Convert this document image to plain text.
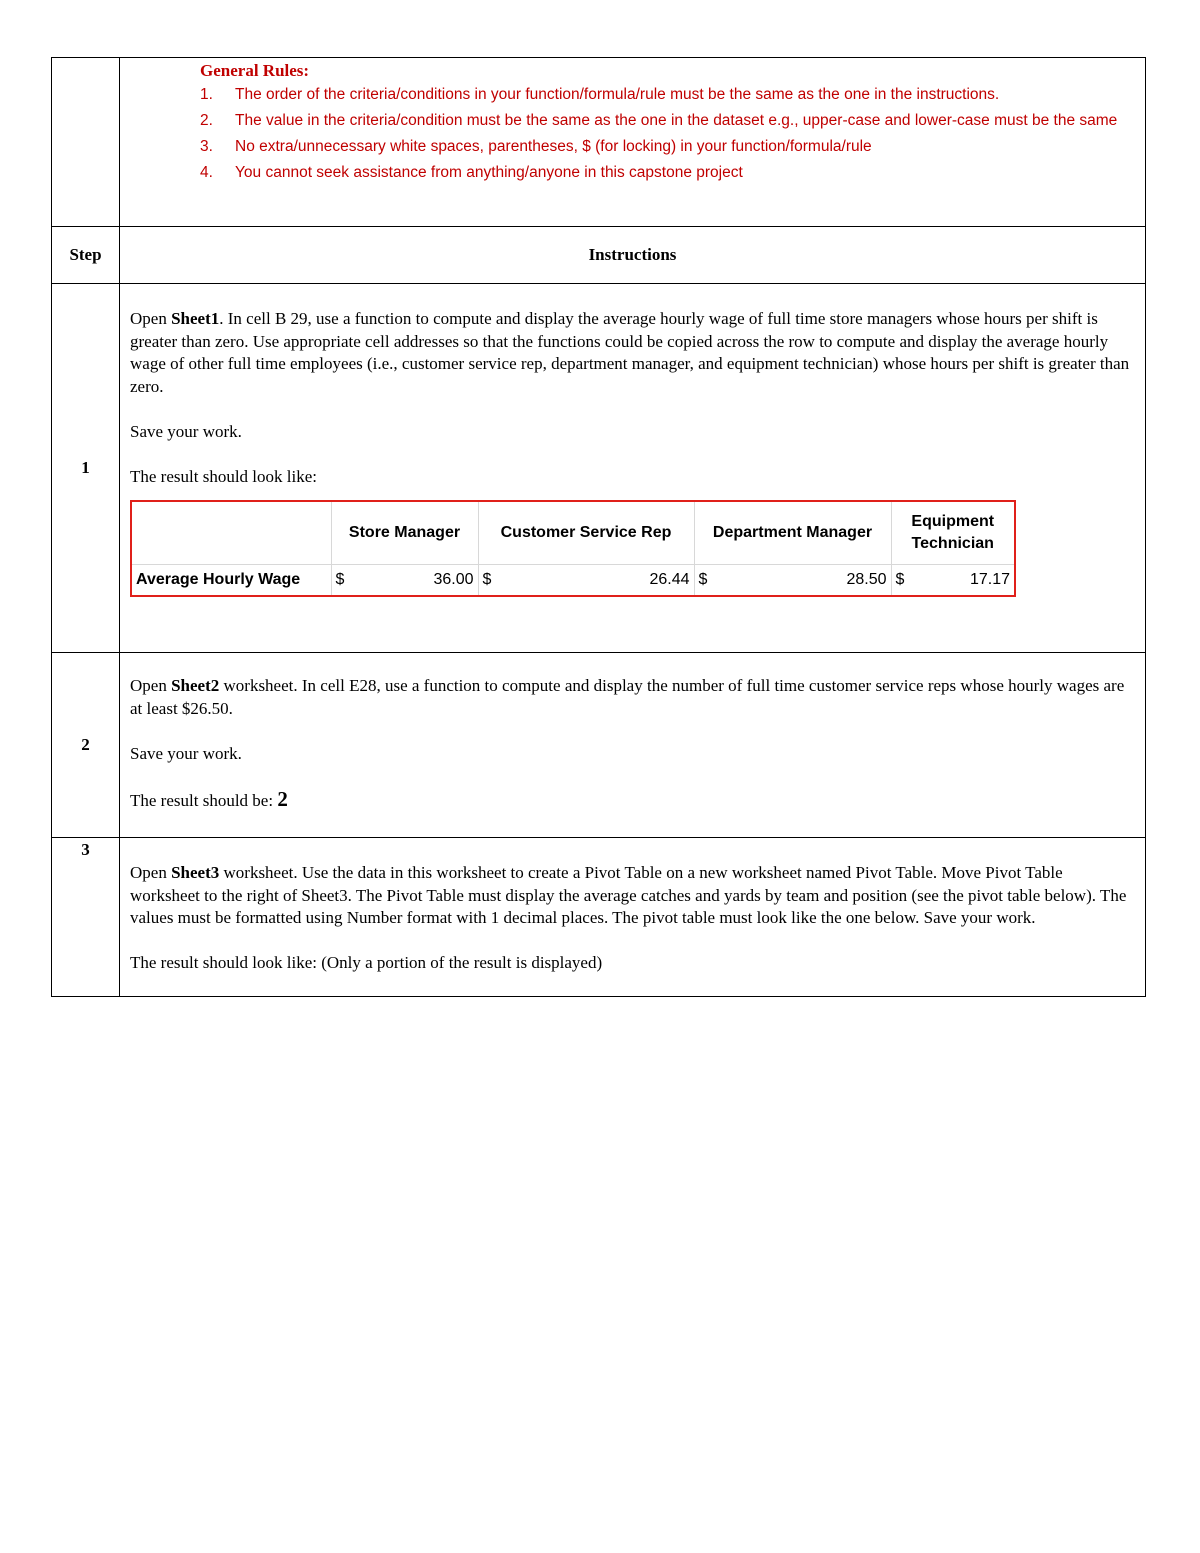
General Rules:
1.	The order of the criteria/conditions in your function/formula/rule must be the same as the one in the instructions.
2.	The value in the criteria/condition must be the same as the one in the dataset e.g., upper-case and lower-case must be the same
3.	No extra/unnecessary white spaces, parentheses, $ (for locking) in your function/formula/rule
4.	You cannot seek assistance from anything/anyone in this capstone project

Step	Instructions
1	

Open Sheet1. In cell B 29, use a function to compute and display the average hourly wage of full time store managers whose hours per shift is greater than zero. Use appropriate cell addresses so that the functions could be copied across the row to compute and display the average hourly wage of other full time employees (i.e., customer service rep, department manager, and equipment technician) whose hours per shift is greater than zero.

Save your work.

The result should look like:

	Store Manager	Customer Service Rep	Department Manager	Equipment Technician
Average Hourly Wage	$	36.00	$	26.44	$	28.50	$	17.17

2	

Open Sheet2 worksheet. In cell E28, use a function to compute and display the number of full time customer service reps whose hourly wages are at least $26.50.

Save your work.

The result should be: 2

3	

Open Sheet3 worksheet. Use the data in this worksheet to create a Pivot Table on a new worksheet named Pivot Table. Move Pivot Table worksheet to the right of Sheet3. The Pivot Table must display the average catches and yards by team and position (see the pivot table below). The values must be formatted using Number format with 1 decimal places. The pivot table must look like the one below. Save your work.

The result should look like: (Only a portion of the result is displayed)
